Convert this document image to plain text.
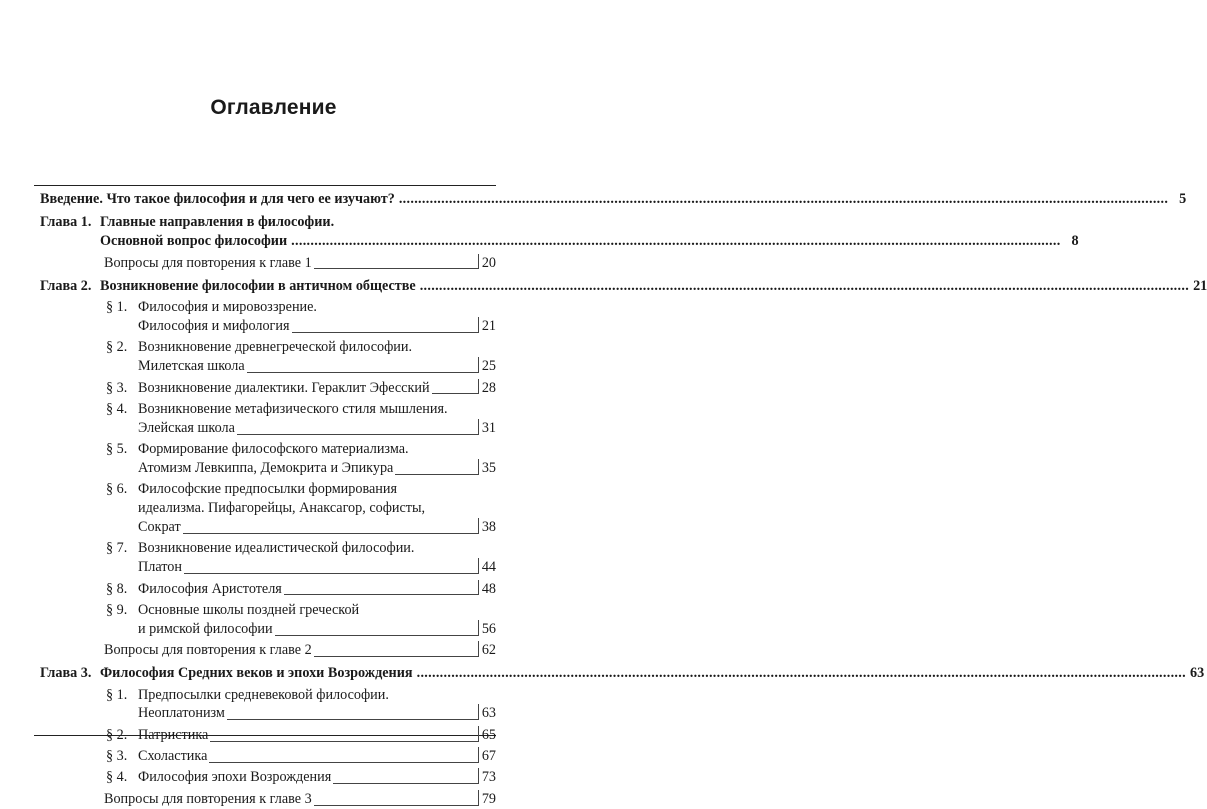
Оглавление
Введение. Что такое философия и для чего ее изучают? ........................................................................................................................................................................................................ 5
Глава 1. Главные направления в философии.
Основной вопрос философии ........................................................................................................................................................................................................ 8
Вопросы для повторения к главе 1	20
Глава 2. Возникновение философии в античном обществе ........................................................................................................................................................................................................ 21
§ 1. Философия и мировоззрение.
Философия и мифология	21
§ 2. Возникновение древнегреческой философии.
Милетская школа	25
§ 3. Возникновение диалектики. Гераклит Эфесский	28
§ 4. Возникновение метафизического стиля мышления.
Элейская школа	31
§ 5. Формирование философского материализма.
Атомизм Левкиппа, Демокрита и Эпикура	35
§ 6. Философские предпосылки формирования
идеализма. Пифагорейцы, Анаксагор, софисты,
Сократ	38
§ 7. Возникновение идеалистической философии.
Платон	44
§ 8. Философия Аристотеля	48
§ 9. Основные школы поздней греческой
и римской философии	56
Вопросы для повторения к главе 2	62
Глава 3. Философия Средних веков и эпохи Возрождения ........................................................................................................................................................................................................ 63
§ 1. Предпосылки средневековой философии.
Неоплатонизм	63
§ 2. Патристика	65
§ 3. Схоластика	67
§ 4. Философия эпохи Возрождения	73
Вопросы для повторения к главе 3	79
